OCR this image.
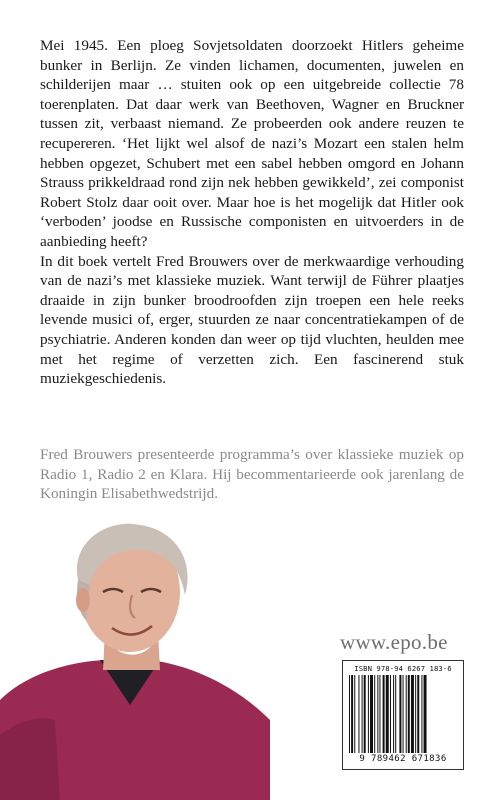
Mei 1945. Een ploeg Sovjetsoldaten doorzoekt Hitlers geheime bunker in Berlijn. Ze vinden lichamen, documenten, juwelen en schilderijen maar … stuiten ook op een uitgebreide collectie 78 toerenplaten. Dat daar werk van Beethoven, Wagner en Bruckner tussen zit, verbaast niemand. Ze probeerden ook andere reuzen te recupereren. ‘Het lijkt wel alsof de nazi’s Mozart een stalen helm hebben opgezet, Schubert met een sabel hebben omgord en Johann Strauss prikkeldraad rond zijn nek hebben gewikkeld’, zei componist Robert Stolz daar ooit over. Maar hoe is het mogelijk dat Hitler ook ‘verboden’ joodse en Russische componisten en uitvoerders in de aanbieding heeft?

In dit boek vertelt Fred Brouwers over de merkwaardige verhouding van de nazi’s met klassieke muziek. Want terwijl de Führer plaatjes draaide in zijn bunker broodroofden zijn troepen een hele reeks levende musici of, erger, stuurden ze naar concentratiekampen of de psychiatrie. Anderen konden dan weer op tijd vluchten, heulden mee met het regime of verzetten zich. Een fascinerend stuk muziekgeschiedenis.

Fred Brouwers presenteerde programma’s over klassieke muziek op Radio 1, Radio 2 en Klara. Hij becommentarieerde ook jarenlang de Koningin Elisabethwedstrijd.

www.epo.be
ISBN 978-94 6267 183-6
9 789462 671836
